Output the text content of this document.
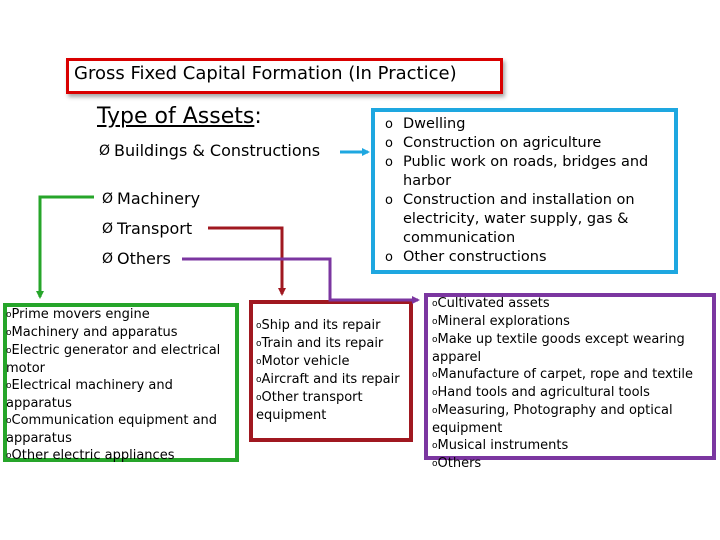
Gross Fixed Capital Formation (In Practice)
Type of Assets:
Ø Buildings & Constructions
Ø Machinery
Ø Transport
Ø Others
o Dwelling
o Construction on agriculture
o Public work on roads, bridges and harbor
o Construction and installation on electricity, water supply, gas & communication
o Other constructions
oPrime movers engine
oMachinery and apparatus
oElectric generator and electrical motor
oElectrical machinery and apparatus
oCommunication equipment and apparatus
oOther electric appliances
oShip and its repair
oTrain and its repair
oMotor vehicle
oAircraft and its repair
oOther transport equipment
oCultivated assets
oMineral explorations
oMake up textile goods except wearing apparel
oManufacture of carpet, rope and textile
oHand tools and agricultural tools
oMeasuring, Photography and optical equipment
oMusical instruments
oOthers
